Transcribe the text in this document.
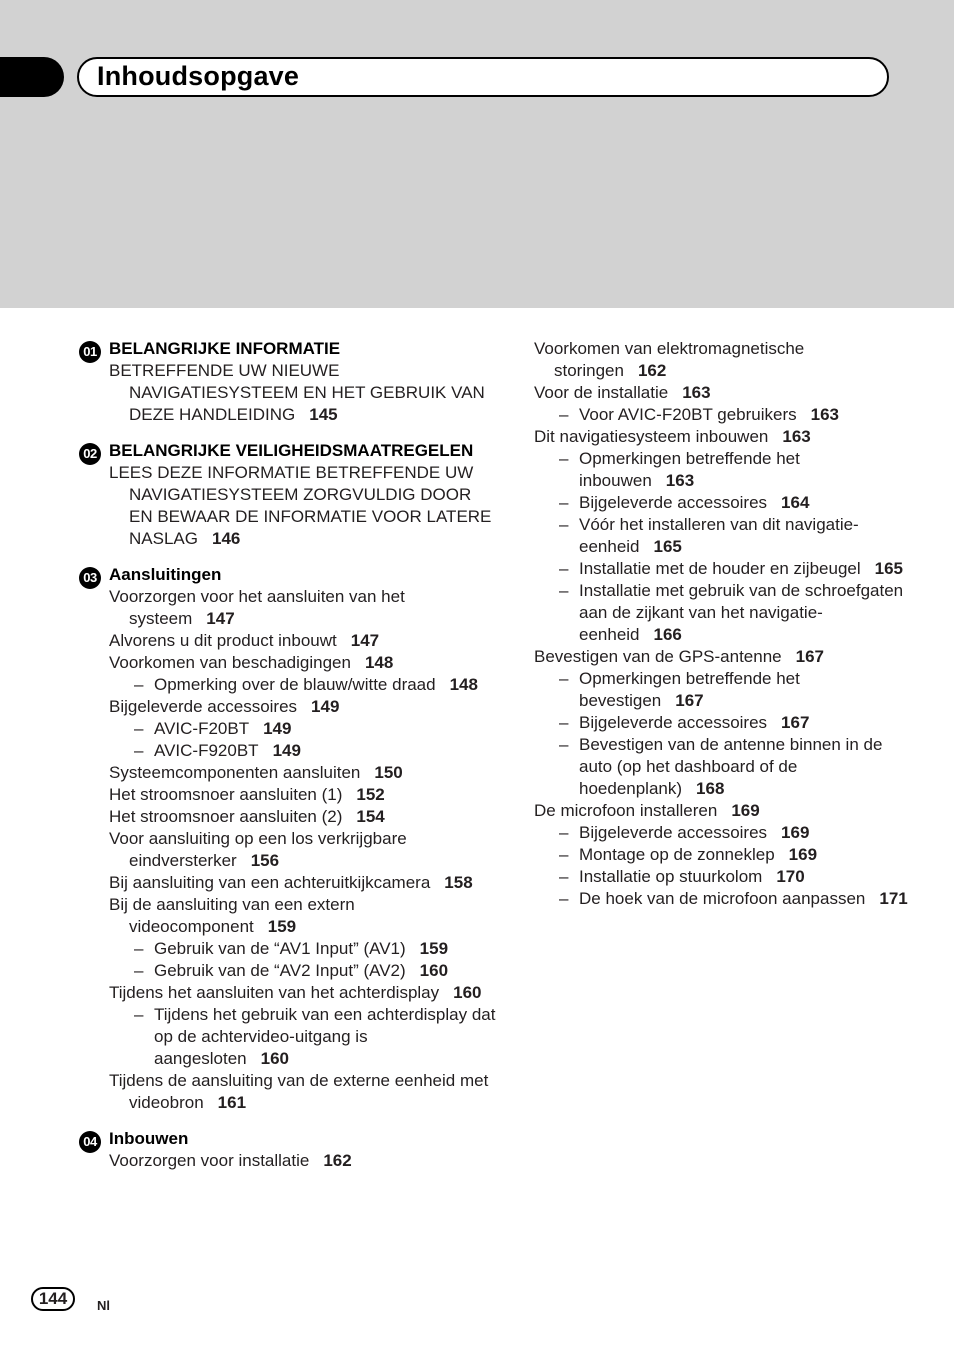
Inhoudsopgave
01 BELANGRIJKE INFORMATIE
BETREFFENDE UW NIEUWE NAVIGATIESYSTEEM EN HET GEBRUIK VAN DEZE HANDLEIDING 145
02 BELANGRIJKE VEILIGHEIDSMAATREGELEN
LEES DEZE INFORMATIE BETREFFENDE UW NAVIGATIESYSTEEM ZORGVULDIG DOOR EN BEWAAR DE INFORMATIE VOOR LATERE NASLAG 146
03 Aansluitingen
Voorzorgen voor het aansluiten van het systeem 147
Alvorens u dit product inbouwt 147
Voorkomen van beschadigingen 148
– Opmerking over de blauw/witte draad 148
Bijgeleverde accessoires 149
– AVIC-F20BT 149
– AVIC-F920BT 149
Systeemcomponenten aansluiten 150
Het stroomsnoer aansluiten (1) 152
Het stroomsnoer aansluiten (2) 154
Voor aansluiting op een los verkrijgbare eindversterker 156
Bij aansluiting van een achteruitkijkcamera 158
Bij de aansluiting van een extern videocomponent 159
– Gebruik van de “AV1 Input” (AV1) 159
– Gebruik van de “AV2 Input” (AV2) 160
Tijdens het aansluiten van het achterdisplay 160
– Tijdens het gebruik van een achterdisplay dat op de achtervideo-uitgang is aangesloten 160
Tijdens de aansluiting van de externe eenheid met videobron 161
04 Inbouwen
Voorzorgen voor installatie 162
Voorkomen van elektromagnetische storingen 162
Voor de installatie 163
– Voor AVIC-F20BT gebruikers 163
Dit navigatiesysteem inbouwen 163
– Opmerkingen betreffende het inbouwen 163
– Bijgeleverde accessoires 164
– Vóór het installeren van dit navigatie-eenheid 165
– Installatie met de houder en zijbeugel 165
– Installatie met gebruik van de schroefgaten aan de zijkant van het navigatie-eenheid 166
Bevestigen van de GPS-antenne 167
– Opmerkingen betreffende het bevestigen 167
– Bijgeleverde accessoires 167
– Bevestigen van de antenne binnen in de auto (op het dashboard of de hoedenplank) 168
De microfoon installeren 169
– Bijgeleverde accessoires 169
– Montage op de zonneklep 169
– Installatie op stuurkolom 170
– De hoek van de microfoon aanpassen 171
144	Nl
